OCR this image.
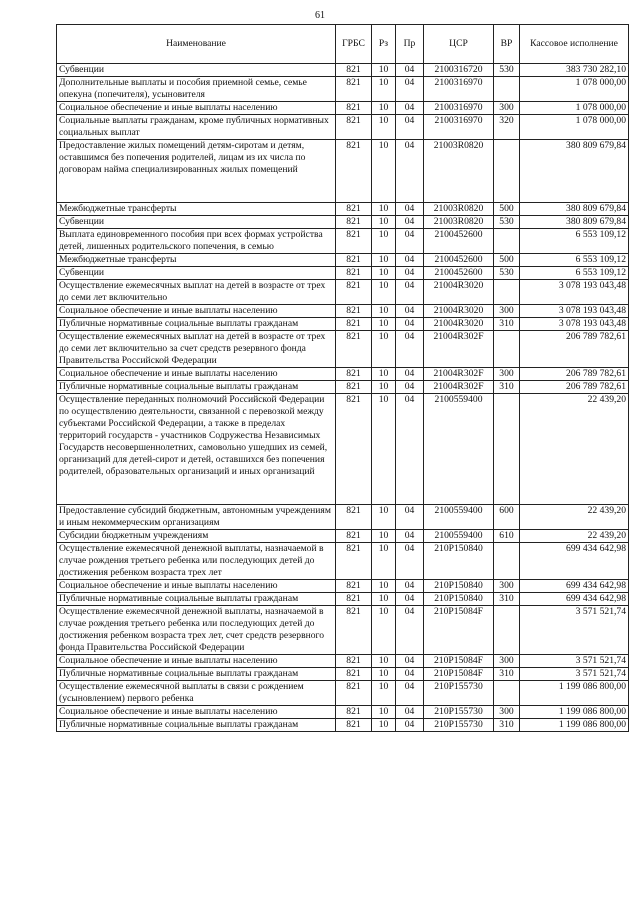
61
Наименование	ГРБС	Рз	Пр	ЦСР	ВР	Кассовое исполнение
Субвенции	821	10	04	2100316720	530	383 730 282,10
Дополнительные выплаты и пособия приемной семье, семье опекуна (попечителя), усыновителя	821	10	04	2100316970		1 078 000,00
Социальное обеспечение и иные выплаты населению	821	10	04	2100316970	300	1 078 000,00
Социальные выплаты гражданам, кроме публичных нормативных социальных выплат	821	10	04	2100316970	320	1 078 000,00
Предоставление жилых помещений детям-сиротам и детям, оставшимся без попечения родителей, лицам из их числа по договорам найма специализированных жилых помещений	821	10	04	21003R0820		380 809 679,84
Межбюджетные трансферты	821	10	04	21003R0820	500	380 809 679,84
Субвенции	821	10	04	21003R0820	530	380 809 679,84
Выплата единовременного пособия при всех формах устройства детей, лишенных родительского попечения, в семью	821	10	04	2100452600		6 553 109,12
Межбюджетные трансферты	821	10	04	2100452600	500	6 553 109,12
Субвенции	821	10	04	2100452600	530	6 553 109,12
Осуществление ежемесячных выплат на детей в возрасте от трех до семи лет включительно	821	10	04	21004R3020		3 078 193 043,48
Социальное обеспечение и иные выплаты населению	821	10	04	21004R3020	300	3 078 193 043,48
Публичные нормативные социальные выплаты гражданам	821	10	04	21004R3020	310	3 078 193 043,48
Осуществление ежемесячных выплат на детей в возрасте от трех до семи лет включительно за счет средств резервного фонда Правительства Российской Федерации	821	10	04	21004R302F		206 789 782,61
Социальное обеспечение и иные выплаты населению	821	10	04	21004R302F	300	206 789 782,61
Публичные нормативные социальные выплаты гражданам	821	10	04	21004R302F	310	206 789 782,61
Осуществление переданных полномочий Российской Федерации по осуществлению деятельности, связанной с перевозкой между субъектами Российской Федерации, а также в пределах территорий государств - участников Содружества Независимых Государств несовершеннолетних, самовольно ушедших из семей, организаций для детей-сирот и детей, оставшихся без попечения родителей, образовательных организаций и иных организаций	821	10	04	2100559400		22 439,20
Предоставление субсидий бюджетным, автономным учреждениям и иным некоммерческим организациям	821	10	04	2100559400	600	22 439,20
Субсидии бюджетным учреждениям	821	10	04	2100559400	610	22 439,20
Осуществление ежемесячной денежной выплаты, назначаемой в случае рождения третьего ребенка или последующих детей до достижения ребенком возраста трех лет	821	10	04	210P150840		699 434 642,98
Социальное обеспечение и иные выплаты населению	821	10	04	210P150840	300	699 434 642,98
Публичные нормативные социальные выплаты гражданам	821	10	04	210P150840	310	699 434 642,98
Осуществление ежемесячной денежной выплаты, назначаемой в случае рождения третьего ребенка или последующих детей до достижения ребенком возраста трех лет, счет средств резервного фонда Правительства Российской Федерации	821	10	04	210P15084F		3 571 521,74
Социальное обеспечение и иные выплаты населению	821	10	04	210P15084F	300	3 571 521,74
Публичные нормативные социальные выплаты гражданам	821	10	04	210P15084F	310	3 571 521,74
Осуществление ежемесячной выплаты в связи с рождением (усыновлением) первого ребенка	821	10	04	210P155730		1 199 086 800,00
Социальное обеспечение и иные выплаты населению	821	10	04	210P155730	300	1 199 086 800,00
Публичные нормативные социальные выплаты гражданам	821	10	04	210P155730	310	1 199 086 800,00
